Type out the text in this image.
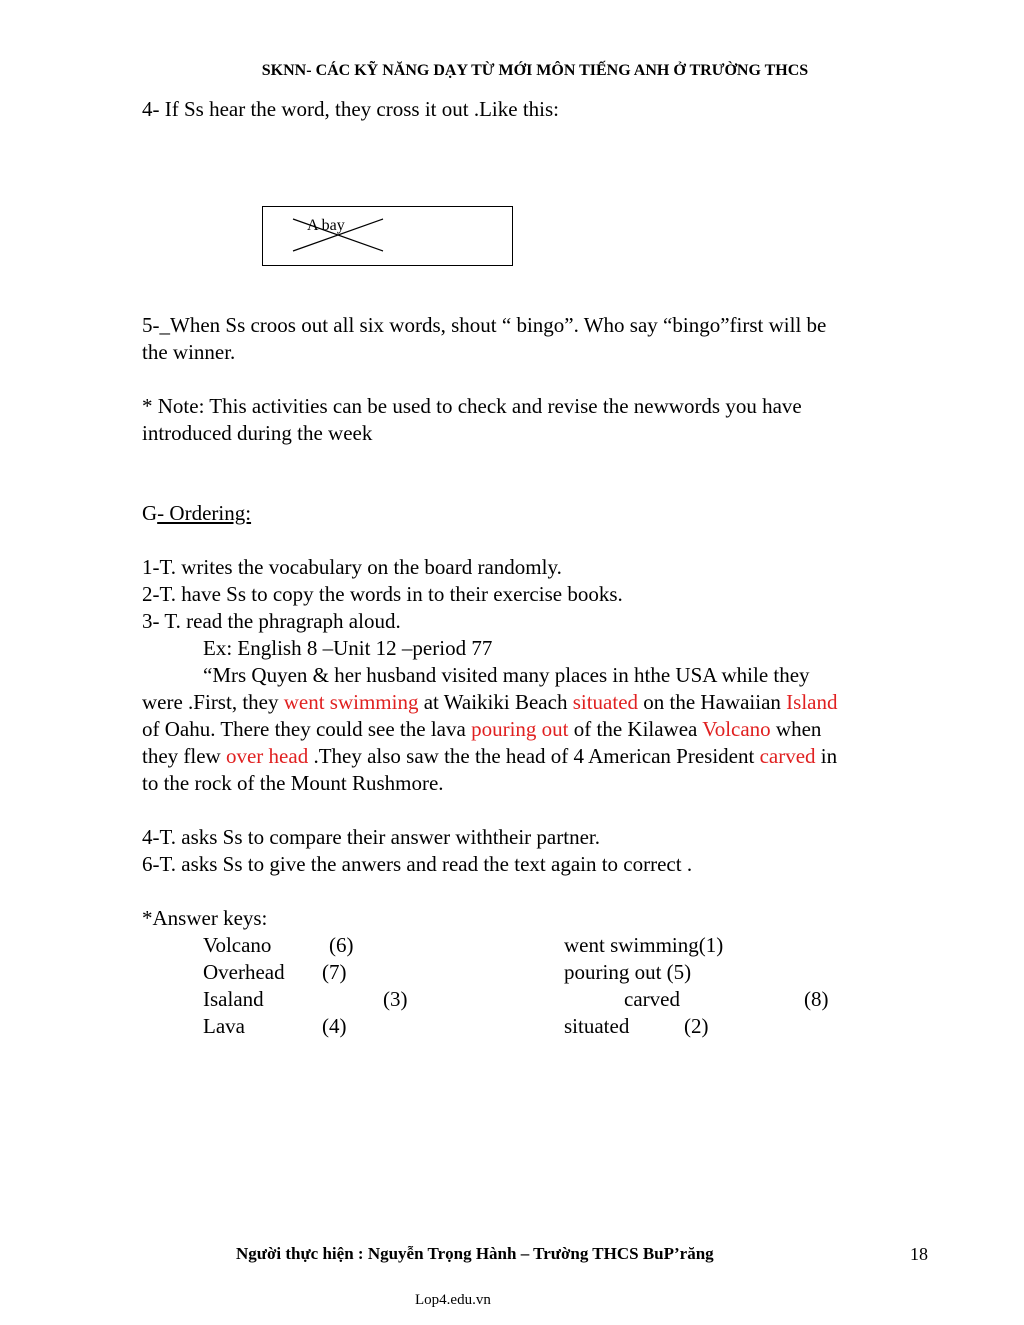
SKNN- CÁC KỸ NĂNG DẠY TỪ MỚI MÔN TIẾNG ANH Ở TRƯỜNG THCS
4- If Ss hear the word, they cross it out .Like this:
A bay
5-_When Ss croos out all six words, shout “ bingo”. Who say “bingo”first will be
the winner.
* Note: This activities can be used to check and revise the newwords you have
introduced during the week
G- Ordering:
1-T. writes the vocabulary on the board randomly.
2-T. have Ss to copy the words in to their exercise books.
3- T. read the phragraph aloud.
Ex: English 8 –Unit 12 –period 77
“Mrs Quyen & her husband visited many places in hthe USA while they
were .First, they went swimming at Waikiki Beach situated on the Hawaiian Island
of Oahu. There they could see the lava pouring out of the Kilawea Volcano when
they flew over head .They also saw the the head of 4 American President carved in
to the rock of the Mount Rushmore.
4-T. asks Ss to compare their answer withtheir partner.
6-T. asks Ss to give the anwers and read the text again to correct .
*Answer keys:
Volcano	(6)	went swimming(1)
Overhead (7)	pouring out (5)
Isaland	(3)	carved	(8)
Lava	(4)	situated	(2)
Người thực hiện : Nguyễn Trọng Hành – Trường THCS BuP’răng	18
Lop4.edu.vn
